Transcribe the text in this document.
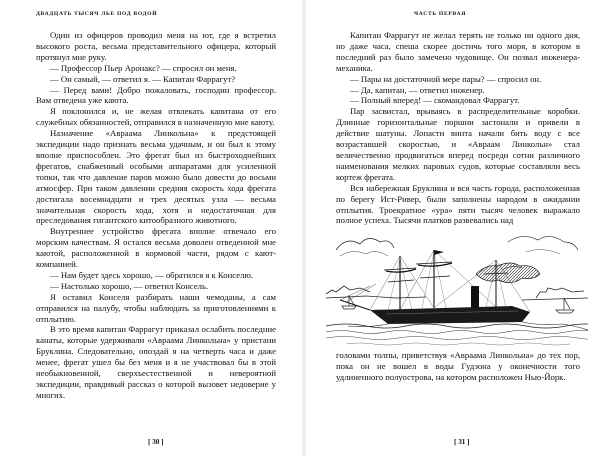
ДВАДЦАТЬ ТЫСЯЧ ЛЬЕ ПОД ВОДОЙ

Один из офицеров проводил меня на ют, где я встретил высокого роста, весьма представительного офицера, который протянул мне руку.

— Профессор Пьер Аронакс? — спросил он меня.

— Он самый, — ответил я. — Капитан Фаррагут?

— Перед вами! Добро пожаловать, господин профессор. Вам отведена уже каюта.

Я поклонился и, не желая отвлекать капитана от его служебных обязанностей, отправился в назначенную мне каюту.

Назначение «Авраама Линкольна» к предстоящей экспедиции надо признать весьма удачным, и он был к этому вполне приспособлен. Это фрегат был из быстроходнейших фрегатов, снабженный особыми аппаратами для усиленной топки, так что давление паров можно было довести до восьми атмосфер. При таком давлении средняя скорость хода фрегата достигала восемнадцати и трех десятых узла — весьма значительная скорость хода, хотя и недостаточная для преследования гигантского китообразного животного.

Внутреннее устройство фрегата вполне отвечало его морским качествам. Я остался весьма доволен отведенной мне каютой, расположенной в кормовой части, рядом с кают-компанией.

— Нам будет здесь хорошо, — обратился я к Конселю.

— Настолько хорошо, — ответил Консель.

Я оставил Конселя разбирать наши чемоданы, а сам отправился на палубу, чтобы наблюдать за приготовлениями к отплытию.

В это время капитан Фаррагут приказал ослабить последние канаты, которые удерживали «Авраама Линкольна» у пристани Бруклина. Следовательно, опоздай я на четверть часа и даже менее, фрегат ушел бы без меня и я не участвовал бы в этой необыкновенной, сверхъестественной и невероятной экспедиции, правдивый рассказ о которой вызовет недоверие у многих.

[ 30 ]
ЧАСТЬ ПЕРВАЯ

Капитан Фаррагут не желал терять не только ни одного дня, но даже часа, спеша скорее достичь того моря, в котором в последний раз было замечено чудовище. Он позвал инженера-механика.

— Пары на достаточной мере пары? — спросил он.

— Да, капитан, — ответил инженер.

— Полный вперед! — скомандовал Фаррагут.

Пар засвистал, врываясь в распределительные коробки. Длинные горизонтальные поршни застонали и привели в действие шатуны. Лопасти винта начали бить воду с все возраставшей скоростью, и «Авраам Линкольн» стал величественно продвигаться вперед посреди сотни различного наименования мелких паровых судов, которые составляли весь кортеж фрегата.

Вся набережная Бруклина и вся часть города, расположенная по берегу Ист-Ривер, были заполнены народом в ожидании отплытия. Троекратное «ура» пяти тысяч человек выражало полное успеха. Тысячи платков развевались над

головами толпы, приветствуя «Авраама Линкольна» до тех пор, пока он не вошел в воды Гудзона у оконечности того удлиненного полуострова, на котором расположен Нью-Йорк.

[ 31 ]
